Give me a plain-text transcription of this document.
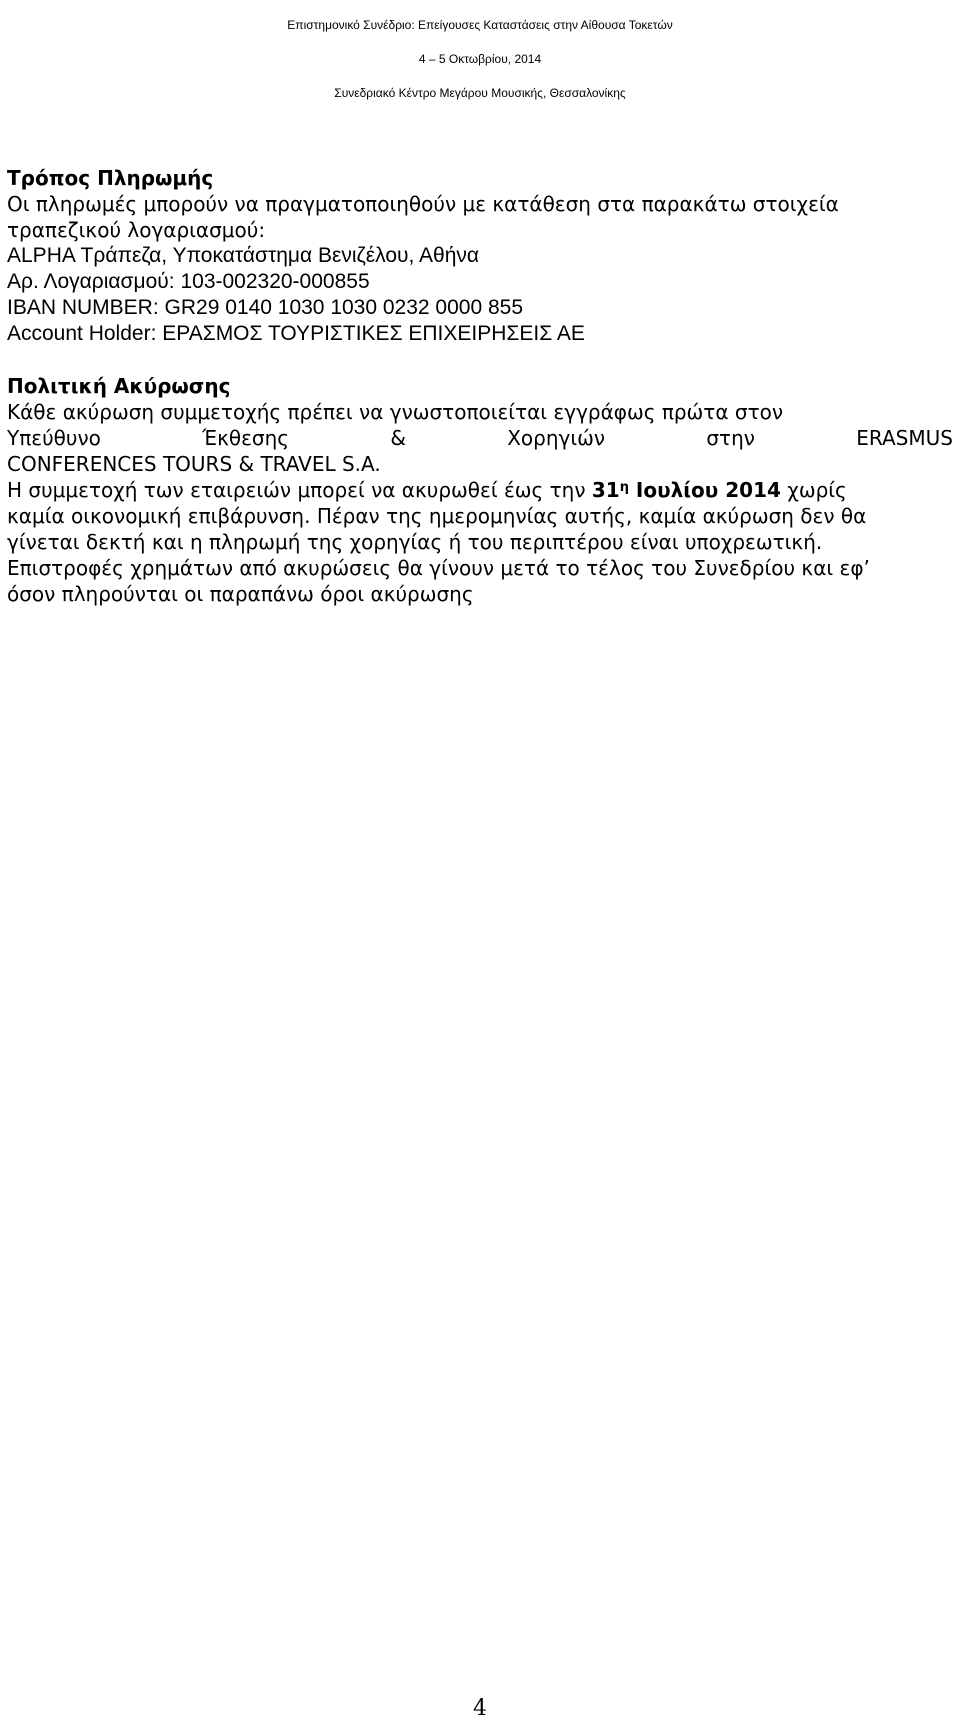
Επιστημονικό Συνέδριο: Επείγουσες Καταστάσεις στην Αίθουσα Τοκετών
4 – 5 Οκτωβρίου, 2014
Συνεδριακό Κέντρο Μεγάρου Μουσικής, Θεσσαλονίκης
Τρόπος Πληρωμής
Οι πληρωμές μπορούν να πραγματοποιηθούν με κατάθεση στα παρακάτω στοιχεία
τραπεζικού λογαριασμού:
ALPHA Τράπεζα, Υποκατάστημα Βενιζέλου, Αθήνα
Αρ. Λογαριασμού: 103-002320-000855
IBAN NUMBER: GR29 0140 1030 1030 0232 0000 855
Account Holder: ΕΡΑΣΜΟΣ ΤΟΥΡΙΣΤΙΚΕΣ ΕΠΙΧΕΙΡΗΣΕΙΣ ΑΕ
Πολιτική Ακύρωσης
Κάθε ακύρωση συμμετοχής πρέπει να γνωστοποιείται εγγράφως πρώτα στον
Υπεύθυνο	Έκθεσης	&	Χορηγιών	στην	ERASMUS
CONFERENCES TOURS & TRAVEL S.A.
Η συμμετοχή των εταιρειών μπορεί να ακυρωθεί έως την $31^\eta$ Ιουλίου 2014 χωρίς
καμία οικονομική επιβάρυνση. Πέραν της ημερομηνίας αυτής, καμία ακύρωση δεν θα
γίνεται δεκτή και η πληρωμή της χορηγίας ή του περιπτέρου είναι υποχρεωτική.
Επιστροφές χρημάτων από ακυρώσεις θα γίνουν μετά το τέλος του Συνεδρίου και εφ’
όσον πληρούνται οι παραπάνω όροι ακύρωσης
4
